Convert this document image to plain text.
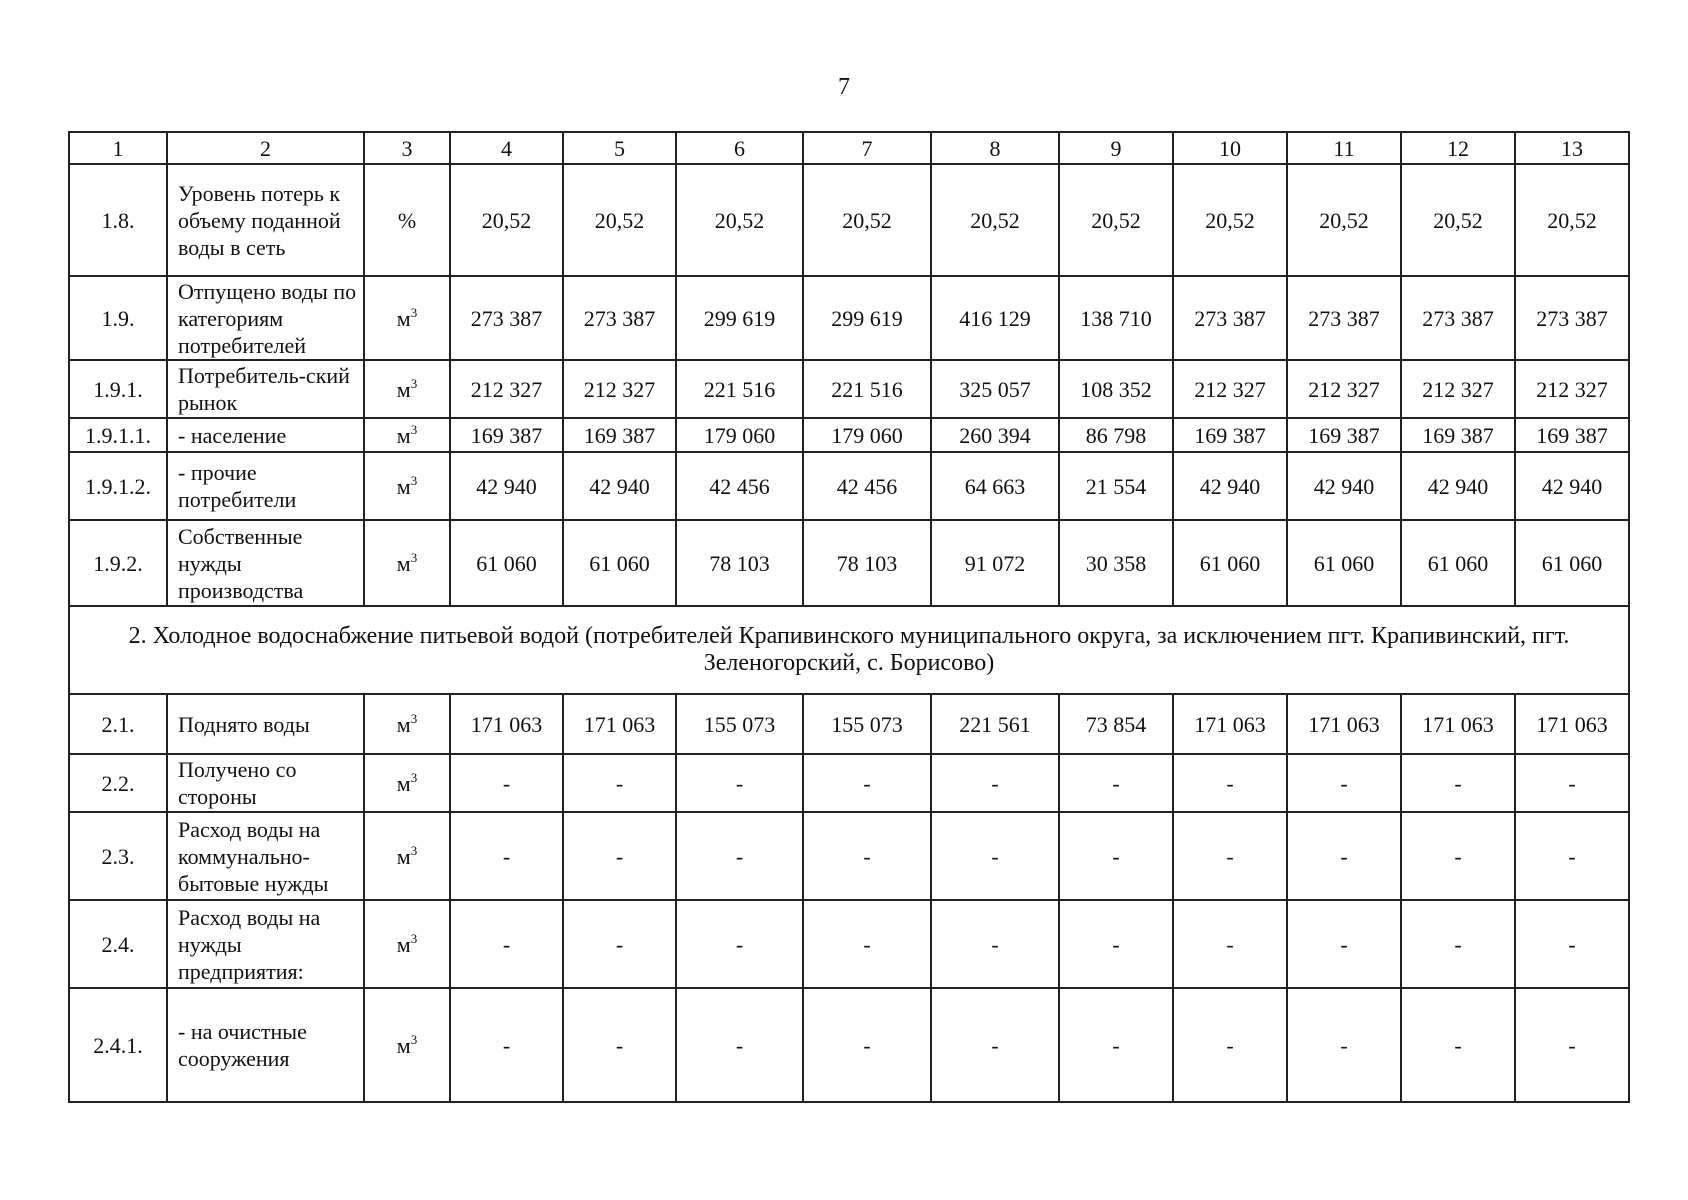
7
1	2	3	4	5	6	7	8	9	10	11	12	13
1.8.	Уровень потерь к объему поданной воды в сеть	%	20,52	20,52	20,52	20,52	20,52	20,52	20,52	20,52	20,52	20,52
1.9.	Отпущено воды по категориям потребителей	$м^3$	273 387	273 387	299 619	299 619	416 129	138 710	273 387	273 387	273 387	273 387
1.9.1.	Потребитель-ский рынок	$м^3$	212 327	212 327	221 516	221 516	325 057	108 352	212 327	212 327	212 327	212 327
1.9.1.1.	- население	$м^3$	169 387	169 387	179 060	179 060	260 394	86 798	169 387	169 387	169 387	169 387
1.9.1.2.	- прочие потребители	$м^3$	42 940	42 940	42 456	42 456	64 663	21 554	42 940	42 940	42 940	42 940
1.9.2.	Собственные нужды производства	$м^3$	61 060	61 060	78 103	78 103	91 072	30 358	61 060	61 060	61 060	61 060
2. Холодное водоснабжение питьевой водой (потребителей Крапивинского муниципального округа, за исключением пгт. Крапивинский, пгт. Зеленогорский, с. Борисово)												
2.1.	Поднято воды	$м^3$	171 063	171 063	155 073	155 073	221 561	73 854	171 063	171 063	171 063	171 063
2.2.	Получено со стороны	$м^3$	-	-	-	-	-	-	-	-	-	-
2.3.	Расход воды на коммунально-бытовые нужды	$м^3$	-	-	-	-	-	-	-	-	-	-
2.4.	Расход воды на нужды предприятия:	$м^3$	-	-	-	-	-	-	-	-	-	-
2.4.1.	- на очистные сооружения	$м^3$	-	-	-	-	-	-	-	-	-	-
